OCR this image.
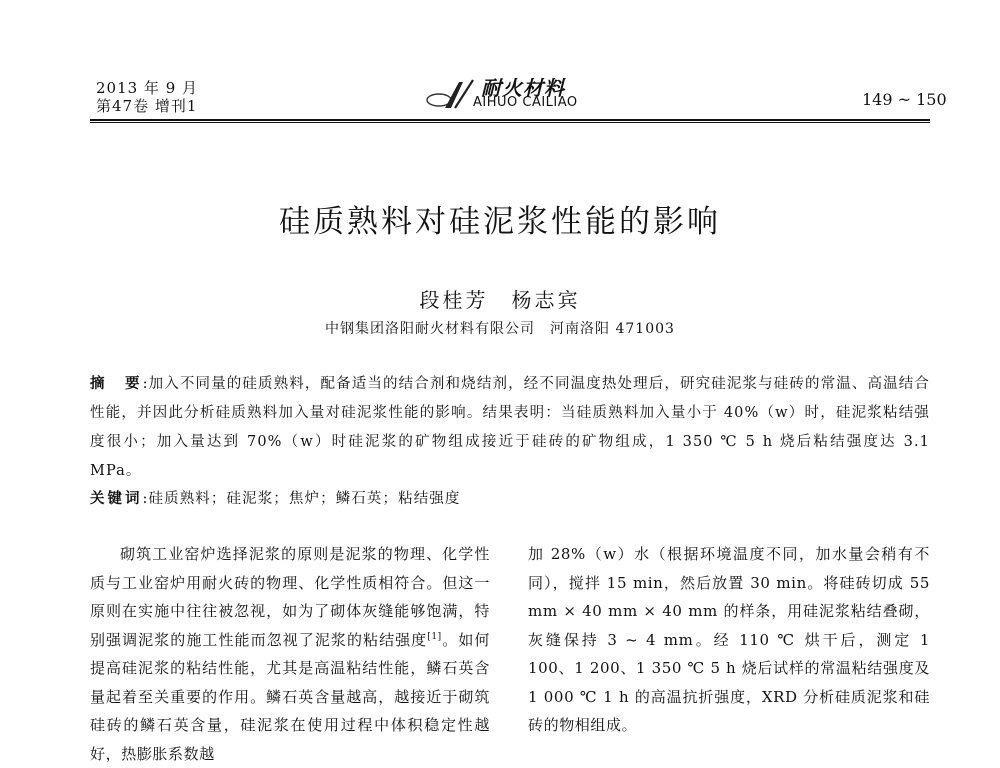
2013 年 9 月
第47卷 增刊1
耐火材料
AIHUO CAILIAO	149 ~ 150
硅质熟料对硅泥浆性能的影响
段桂芳　杨志宾
中钢集团洛阳耐火材料有限公司　河南洛阳 471003
摘　要:加入不同量的硅质熟料，配备适当的结合剂和烧结剂，经不同温度热处理后，研究硅泥浆与硅砖的常温、高温结合性能，并因此分析硅质熟料加入量对硅泥浆性能的影响。结果表明：当硅质熟料加入量小于 40%（w）时，硅泥浆粘结强度很小；加入量达到 70%（w）时硅泥浆的矿物组成接近于硅砖的矿物组成，1 350 ℃ 5 h 烧后粘结强度达 3.1 MPa。
关键词:硅质熟料；硅泥浆；焦炉；鳞石英；粘结强度
砌筑工业窑炉选择泥浆的原则是泥浆的物理、化学性质与工业窑炉用耐火砖的物理、化学性质相符合。但这一原则在实施中往往被忽视，如为了砌体灰缝能够饱满，特别强调泥浆的施工性能而忽视了泥浆的粘结强度[1]。如何提高硅泥浆的粘结性能，尤其是高温粘结性能，鳞石英含量起着至关重要的作用。鳞石英含量越高，越接近于砌筑硅砖的鳞石英含量，硅泥浆在使用过程中体积稳定性越好，热膨胀系数越
加 28%（w）水（根据环境温度不同，加水量会稍有不同），搅拌 15 min，然后放置 30 min。将硅砖切成 55 mm × 40 mm × 40 mm 的样条，用硅泥浆粘结叠砌，灰缝保持 3 ~ 4 mm。经 110 ℃ 烘干后，测定 1 100、1 200、1 350 ℃ 5 h 烧后试样的常温粘结强度及 1 000 ℃ 1 h 的高温抗折强度，XRD 分析硅质泥浆和硅砖的物相组成。
